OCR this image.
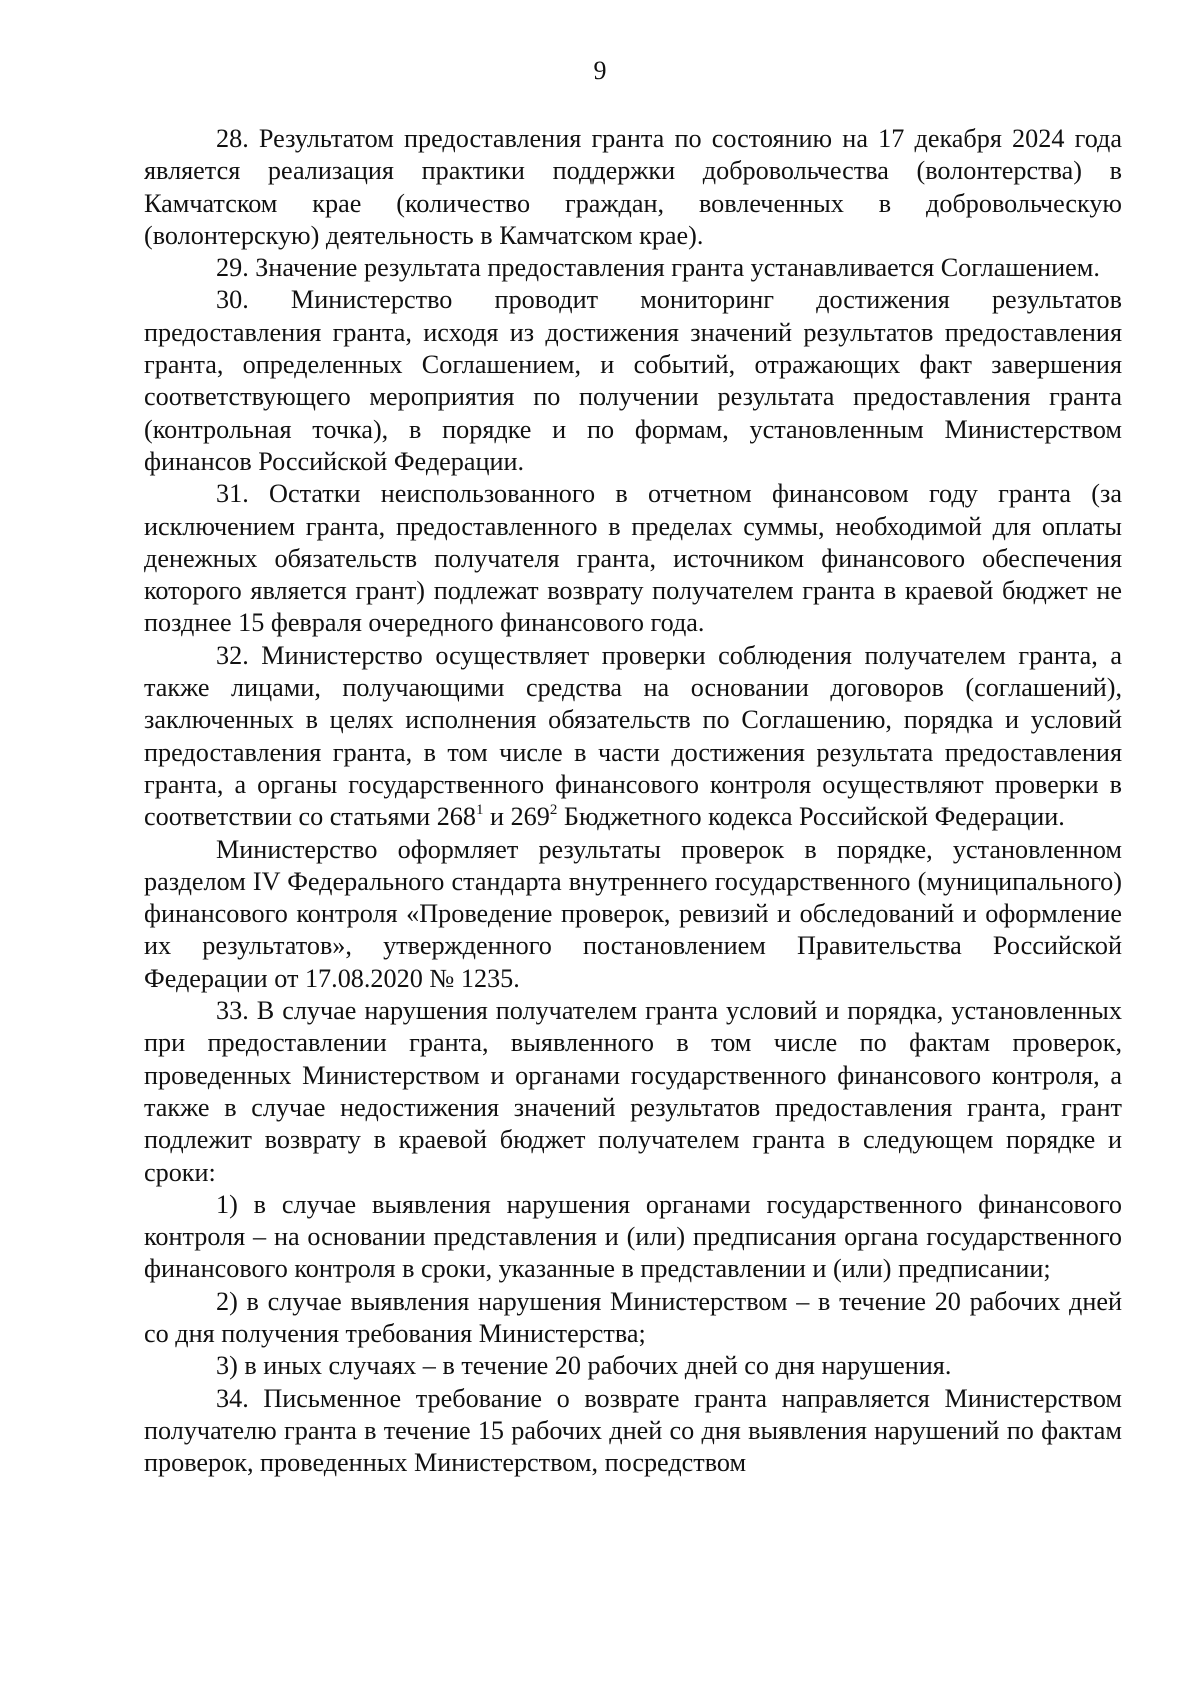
9

28. Результатом предоставления гранта по состоянию на 17 декабря 2024 года является реализация практики поддержки добровольчества (волонтерства) в Камчатском крае (количество граждан, вовлеченных в добровольческую (волонтерскую) деятельность в Камчатском крае).

29. Значение результата предоставления гранта устанавливается Соглашением.

30. Министерство проводит мониторинг достижения результатов предоставления гранта, исходя из достижения значений результатов предоставления гранта, определенных Соглашением, и событий, отражающих факт завершения соответствующего мероприятия по получении результата предоставления гранта (контрольная точка), в порядке и по формам, установленным Министерством финансов Российской Федерации.

31. Остатки неиспользованного в отчетном финансовом году гранта (за исключением гранта, предоставленного в пределах суммы, необходимой для оплаты денежных обязательств получателя гранта, источником финансового обеспечения которого является грант) подлежат возврату получателем гранта в краевой бюджет не позднее 15 февраля очередного финансового года.

32. Министерство осуществляет проверки соблюдения получателем гранта, а также лицами, получающими средства на основании договоров (соглашений), заключенных в целях исполнения обязательств по Соглашению, порядка и условий предоставления гранта, в том числе в части достижения результата предоставления гранта, а органы государственного финансового контроля осуществляют проверки в соответствии со статьями $268^1$ и $269^2$ Бюджетного кодекса Российской Федерации.

Министерство оформляет результаты проверок в порядке, установленном разделом IV Федерального стандарта внутреннего государственного (муниципального) финансового контроля «Проведение проверок, ревизий и обследований и оформление их результатов», утвержденного постановлением Правительства Российской Федерации от 17.08.2020 № 1235.

33. В случае нарушения получателем гранта условий и порядка, установленных при предоставлении гранта, выявленного в том числе по фактам проверок, проведенных Министерством и органами государственного финансового контроля, а также в случае недостижения значений результатов предоставления гранта, грант подлежит возврату в краевой бюджет получателем гранта в следующем порядке и сроки:

1) в случае выявления нарушения органами государственного финансового контроля – на основании представления и (или) предписания органа государственного финансового контроля в сроки, указанные в представлении и (или) предписании;

2) в случае выявления нарушения Министерством – в течение 20 рабочих дней со дня получения требования Министерства;

3) в иных случаях – в течение 20 рабочих дней со дня нарушения.

34. Письменное требование о возврате гранта направляется Министерством получателю гранта в течение 15 рабочих дней со дня выявления нарушений по фактам проверок, проведенных Министерством, посредством
